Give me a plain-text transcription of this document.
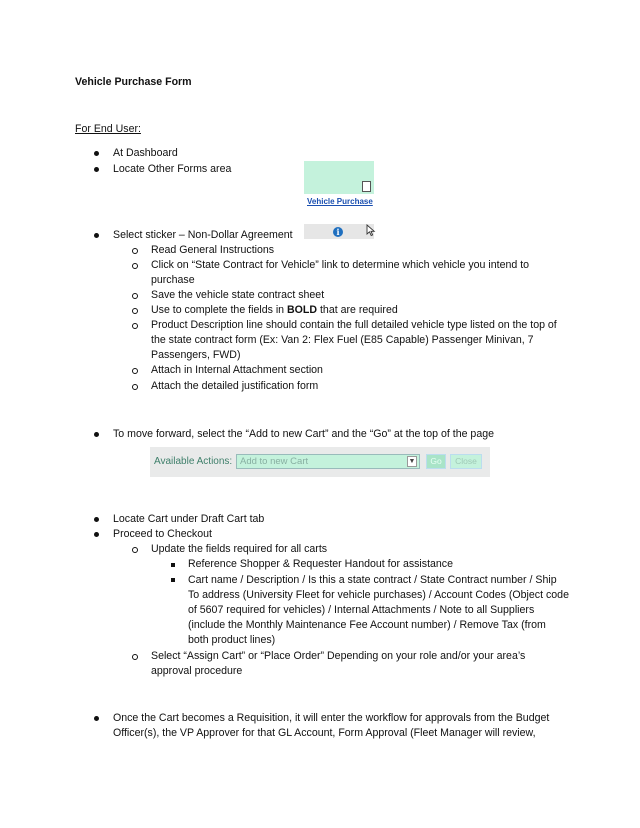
Vehicle Purchase Form
For End User:
At Dashboard
Locate Other Forms area
Vehicle Purchase
Select sticker – Non-Dollar Agreement	i
Read General Instructions
Click on “State Contract for Vehicle” link to determine which vehicle you intend to
purchase
Save the vehicle state contract sheet
Use to complete the fields in BOLD that are required
Product Description line should contain the full detailed vehicle type listed on the top of
the state contract form (Ex: Van 2: Flex Fuel (E85 Capable) Passenger Minivan, 7
Passengers, FWD)
Attach in Internal Attachment section
Attach the detailed justification form
To move forward, select the “Add to new Cart” and the “Go” at the top of the page
Available Actions: Add to new Cart	▼	Go	Close
Locate Cart under Draft Cart tab
Proceed to Checkout
Update the fields required for all carts
Reference Shopper & Requester Handout for assistance
Cart name / Description / Is this a state contract / State Contract number / Ship
To address (University Fleet for vehicle purchases) / Account Codes (Object code
of 5607 required for vehicles) / Internal Attachments / Note to all Suppliers
(include the Monthly Maintenance Fee Account number) / Remove Tax (from
both product lines)
Select “Assign Cart” or “Place Order” Depending on your role and/or your area’s
approval procedure
Once the Cart becomes a Requisition, it will enter the workflow for approvals from the Budget
Officer(s), the VP Approver for that GL Account, Form Approval (Fleet Manager will review,
